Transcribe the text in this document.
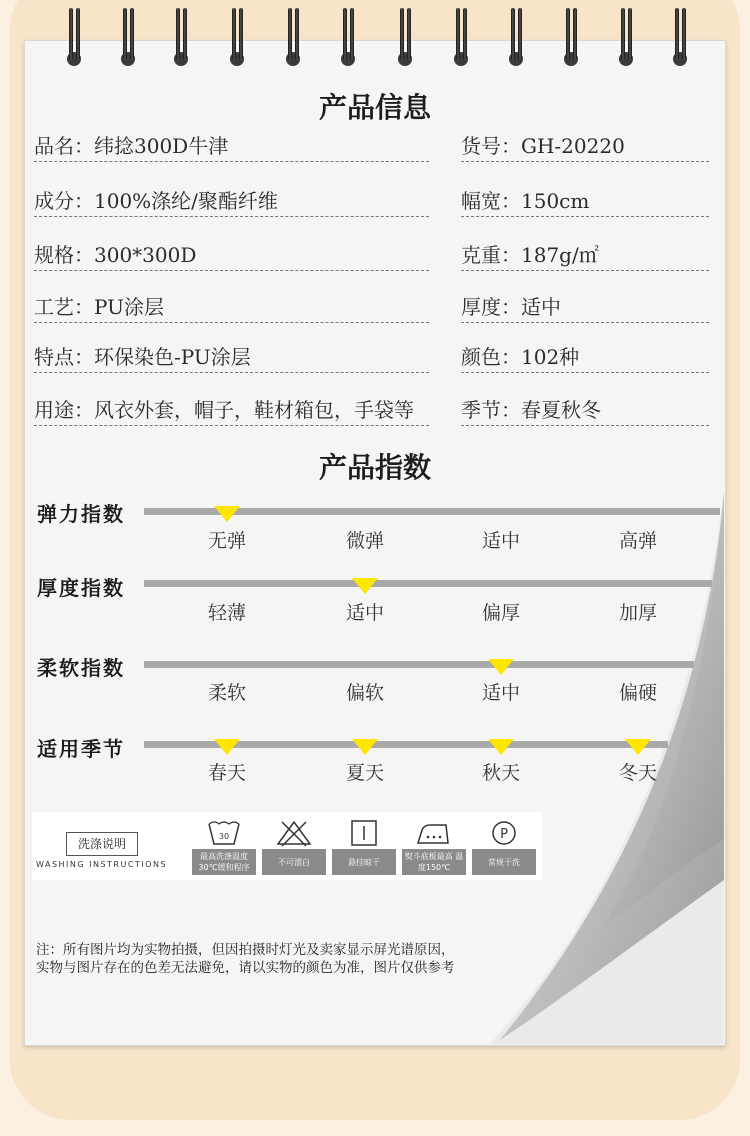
产品信息
品名：纬捻300D牛津
成分：100%涤纶/聚酯纤维
规格：300*300D
工艺：PU涂层
特点：环保染色-PU涂层
用途：风衣外套，帽子，鞋材箱包，手袋等
货号：GH-20220
幅宽：150cm
克重：187g/㎡
厚度：适中
颜色：102种
季节：春夏秋冬
产品指数
弹力指数
无弹	微弹	适中	高弹
厚度指数
轻薄	适中	偏厚	加厚
柔软指数
柔软	偏软	适中	偏硬
适用季节
春天	夏天	秋天	冬天
洗涤说明
WASHING INSTRUCTIONS
30
最高洗涤温度 30℃缓和程序
不可漂白	悬挂晾干
熨斗底板最高 温度150℃
P
常规干洗
注：所有图片均为实物拍摄，但因拍摄时灯光及卖家显示屏光谱原因，
实物与图片存在的色差无法避免，请以实物的颜色为准，图片仅供参考
